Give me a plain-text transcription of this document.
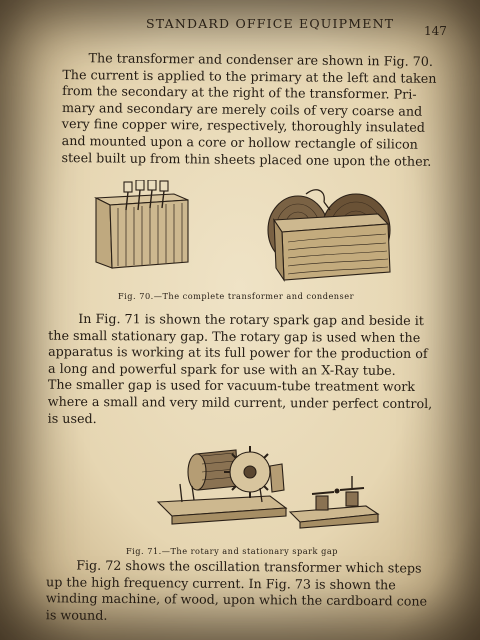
STANDARD OFFICE EQUIPMENT 147

The transformer and condenser are shown in Fig. 70.
The current is applied to the primary at the left and taken
from the secondary at the right of the transformer. Pri-
mary and secondary are merely coils of very coarse and
very fine copper wire, respectively, thoroughly insulated
and mounted upon a core or hollow rectangle of silicon
steel built up from thin sheets placed one upon the other.

Fig. 70.—The complete transformer and condenser

In Fig. 71 is shown the rotary spark gap and beside it
the small stationary gap. The rotary gap is used when the
apparatus is working at its full power for the production of
a long and powerful spark for use with an X-Ray tube.
The smaller gap is used for vacuum-tube treatment work
where a small and very mild current, under perfect control,
is used.

Fig. 71.—The rotary and stationary spark gap

Fig. 72 shows the oscillation transformer which steps
up the high frequency current. In Fig. 73 is shown the
winding machine, of wood, upon which the cardboard cone
is wound.
